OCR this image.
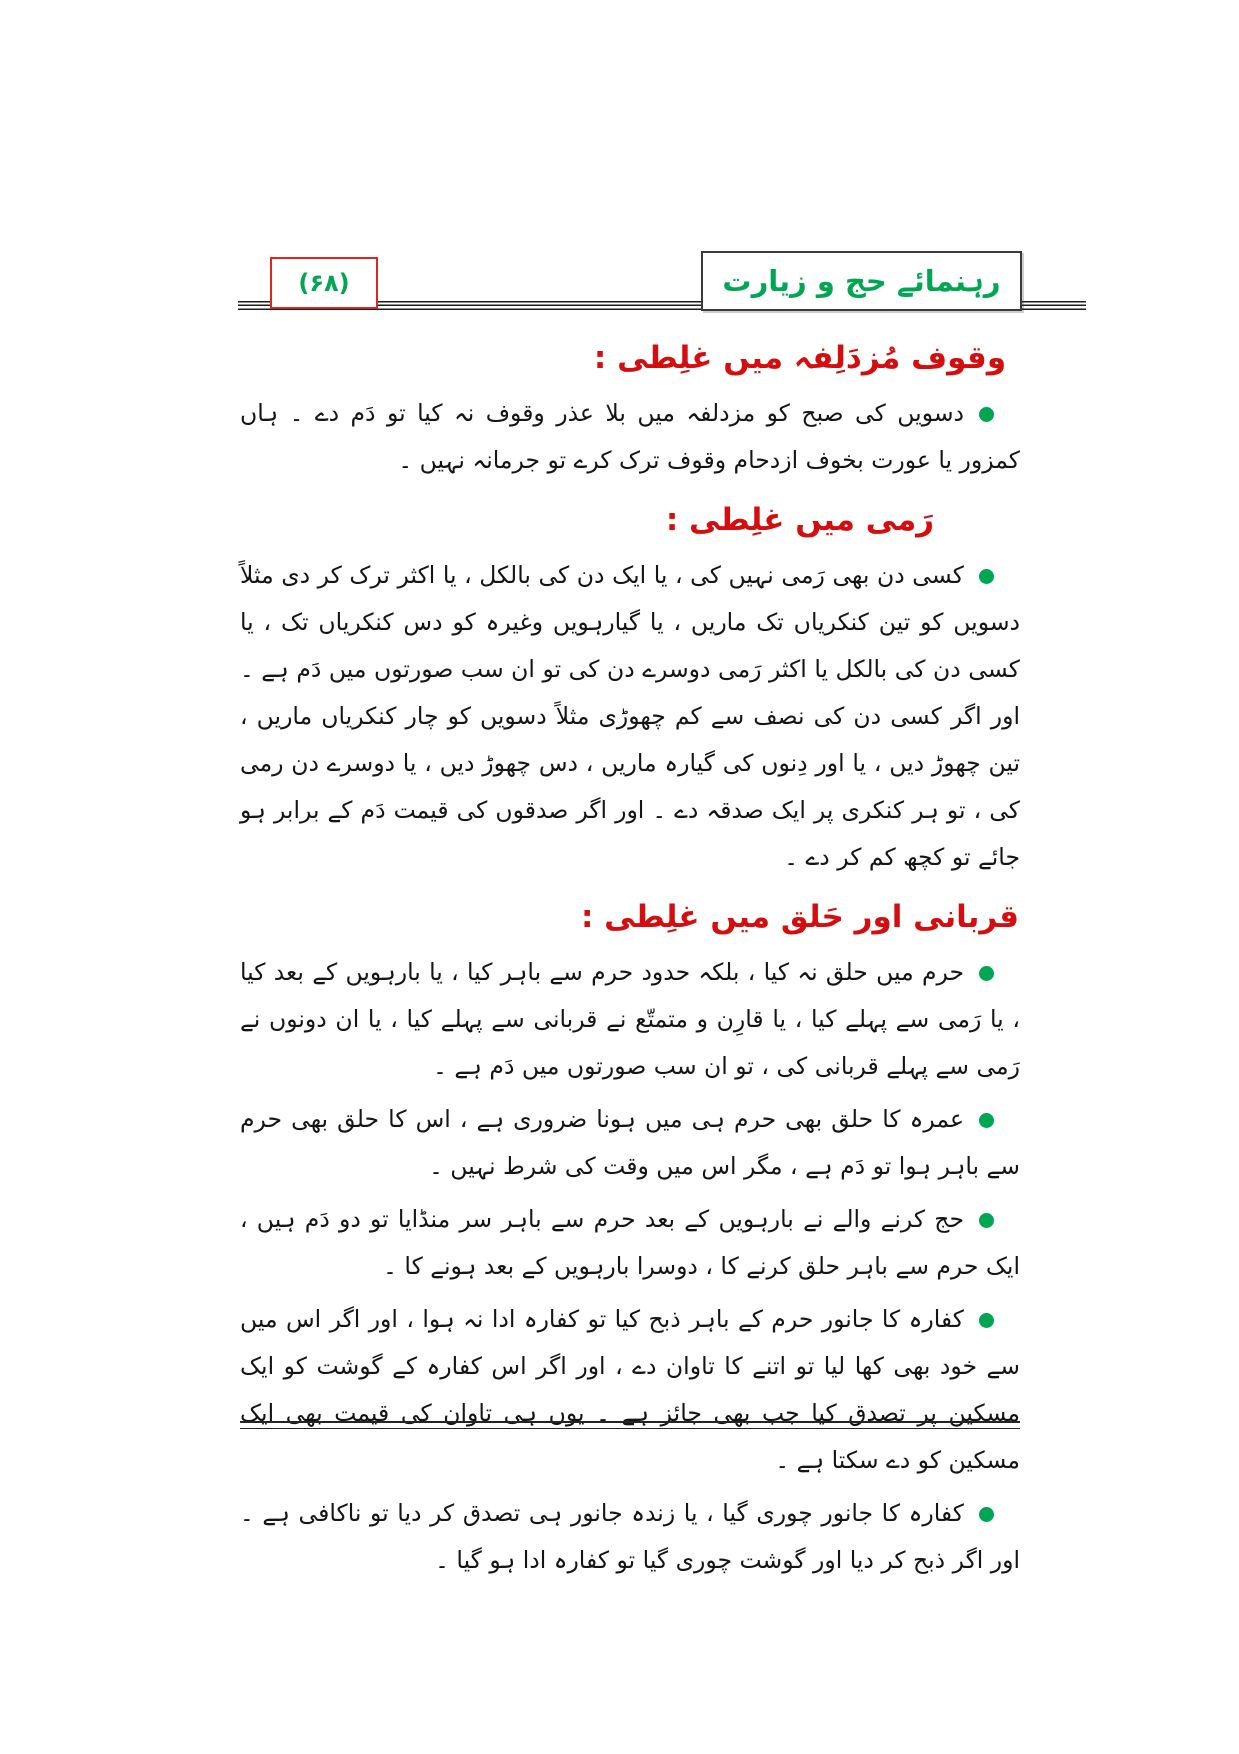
(۶۸)	رہنمائے حج و زیارت
وقوف مُزدَلِفہ میں غلِطی :

دسویں کی صبح کو مزدلفہ میں بلا عذر وقوف نہ کیا تو دَم دے ۔ ہاں کمزور یا عورت بخوف ازدحام وقوف ترک کرے تو جرمانہ نہیں ۔

رَمی میں غلِطی :

کسی دن بھی رَمی نہیں کی ، یا ایک دن کی بالکل ، یا اکثر ترک کر دی مثلاً دسویں کو تین کنکریاں تک ماریں ، یا گیارہویں وغیرہ کو دس کنکریاں تک ، یا کسی دن کی بالکل یا اکثر رَمی دوسرے دن کی تو ان سب صورتوں میں دَم ہے ۔ اور اگر کسی دن کی نصف سے کم چھوڑی مثلاً دسویں کو چار کنکریاں ماریں ، تین چھوڑ دیں ، یا اور دِنوں کی گیارہ ماریں ، دس چھوڑ دیں ، یا دوسرے دن رمی کی ، تو ہر کنکری پر ایک صدقہ دے ۔ اور اگر صدقوں کی قیمت دَم کے برابر ہو جائے تو کچھ کم کر دے ۔

قربانی اور حَلق میں غلِطی :

حرم میں حلق نہ کیا ، بلکہ حدود حرم سے باہر کیا ، یا بارہویں کے بعد کیا ، یا رَمی سے پہلے کیا ، یا قارِن و متمتّع نے قربانی سے پہلے کیا ، یا ان دونوں نے رَمی سے پہلے قربانی کی ، تو ان سب صورتوں میں دَم ہے ۔

عمرہ کا حلق بھی حرم ہی میں ہونا ضروری ہے ، اس کا حلق بھی حرم سے باہر ہوا تو دَم ہے ، مگر اس میں وقت کی شرط نہیں ۔

حج کرنے والے نے بارہویں کے بعد حرم سے باہر سر منڈایا تو دو دَم ہیں ، ایک حرم سے باہر حلق کرنے کا ، دوسرا بارہویں کے بعد ہونے کا ۔

کفارہ کا جانور حرم کے باہر ذبح کیا تو کفارہ ادا نہ ہوا ، اور اگر اس میں سے خود بھی کھا لیا تو اتنے کا تاوان دے ، اور اگر اس کفارہ کے گوشت کو ایک مسکین پر تصدق کیا جب بھی جائز ہے ۔ یوں ہی تاوان کی قیمت بھی ایک مسکین کو دے سکتا ہے ۔

کفارہ کا جانور چوری گیا ، یا زندہ جانور ہی تصدق کر دیا تو ناکافی ہے ۔ اور اگر ذبح کر دیا اور گوشت چوری گیا تو کفارہ ادا ہو گیا ۔
